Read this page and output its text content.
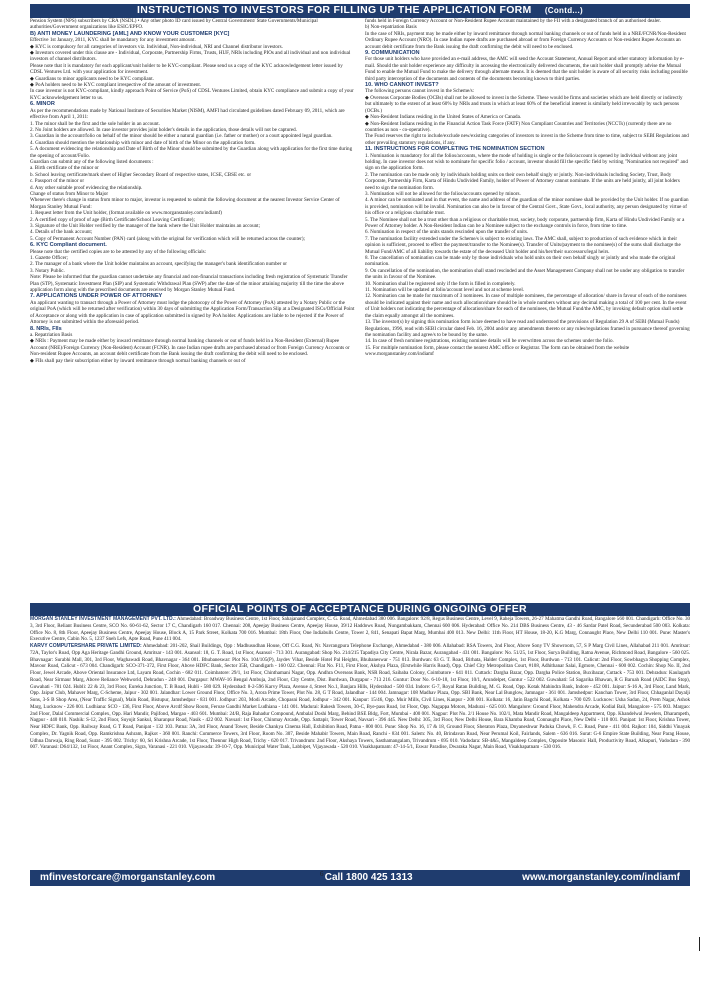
INSTRUCTIONS TO INVESTORS FOR FILLING UP THE APPLICATION FORM (Contd...)
Pension System (NPS) subscribers by CRA (NSDL) • Any other photo ID card issued by Central Government/ State Governments/Municipal authorities/Government organizations like ESIC/EPFO.
B) ANTI MONEY LAUNDERING [AML] AND KNOW YOUR CUSTOMER [KYC]
Effective 1st January, 2011, KYC shall be mandatory for any investment amount.
◆ KYC is compulsory for all categories of investors viz. Individual, Non-individual, NRI and Channel distributor investors.
◆ Investors covered under this clause are - Individual, Corporate, Partnership Firms, Trusts, HUF, NRIs including PIOs and all individual and non individual investors of channel distributors.
Please note that it is mandatory for each applicant/unit holder to be KYC-compliant. Please send us a copy of the KYC acknowledgement letter issued by CDSL Ventures Ltd. with your application for investment.
◆ Guardians to minor applicants need to be KYC compliant.
◆ PoA holders need to be KYC compliant irrespective of the amount of investment.
In case investor is not KYC-compliant, kindly approach Point of Service (PoS) of CDSL Ventures Limited, obtain KYC compliance and submit a copy of your KYC acknowledgement letter to us.
6. MINOR
As per the recommendations made by National Institute of Securities Market (NISM), AMFI had circulated guidelines dated February 09, 2011, which are effective from April 1, 2011:
1. The minor shall be the first and the sole holder in an account.
2. No Joint holders are allowed. In case investor provides joint holder's details in the application, those details will not be captured.
3. Guardian in the account/folio on behalf of the minor should be either a natural guardian (i.e. father or mother) or a court appointed legal guardian.
4. Guardian should mention the relationship with minor and date of birth of the Minor on the application form.
5. A document evidencing the relationship and Date of Birth of the Minor should be submitted by the Guardian along with application for the first time during the opening of account/Folio.
Guardian can submit any of the following listed documents :
a. Birth certificate of the minor or
b. School leaving certificate/mark sheet of Higher Secondary Board of respective states, ICSE, CBSE etc. or
c. Passport of the minor or
d. Any other suitable proof evidencing the relationship.
Change of status from Minor to Major
Whenever there's change in status from minor to major, investor is requested to submit the following document at the nearest Investor Service Center of Morgan Stanley Mutual Fund:
1. Request letter from the Unit holder, (format available on www.morganstanley.com/indiamf)
2. A certified copy of proof of age (Birth Certificate/School Leaving Certificate);
3. Signature of the Unit Holder verified by the manager of the bank where the Unit Holder maintains an account;
4. Details of the bank account;
5. Copy of Permanent Account Number (PAN) card (along with the original for verification which will be returned across the counter);
6. KYC Compliant document.
Please note that the certified copies are to be attested by any of the following officials:
1. Gazette Officer;
2. The manager of a bank where the Unit holder maintains an account, specifying the manager's bank identification number or
3. Notary Public.
Note: Please be informed that the guardian cannot undertake any financial and non-financial transactions including fresh registration of Systematic Transfer Plan (STP), Systematic Investment Plan (SIP) and Systematic Withdrawal Plan (SWP) after the date of the minor attaining majority till the time the above application form along with the prescribed documents are received by Morgan Stanley Mutual Fund.
7. APPLICATIONS UNDER POWER OF ATTORNEY
An applicant wanting to transact through a Power of Attorney must lodge the photocopy of the Power of Attorney (PoA) attested by a Notary Public or the original PoA (which will be returned after verification) within 30 days of submitting the Application Form/Transaction Slip at a Designated ISCs/Official Point of Acceptance or along with the application in case of application submitted in signed by PoA holder. Applications are liable to be rejected if the Power of Attorney is not submitted within the aforesaid period.
8. NRIs, FIIs
a. Repatriation Basis
◆ NRIs : Payment may be made either by inward remittance through normal banking channels or out of funds held in a Non-Resident (External) Rupee Account (NRE)/Foreign Currency (Non-Resident) Account (FCNR). In case Indian rupee drafts are purchased abroad or from Foreign Currency Accounts or Non-resident Rupee Accounts, an account debit certificate from the Bank issuing the draft confirming the debit will need to be enclosed.
◆ FIIs shall pay their subscription either by inward remittance through normal banking channels or out of
funds held in Foreign Currency Account or Non-Resident Rupee Account maintained by the FII with a designated branch of an authorised dealer.
b) Non-repatriation Basis
In the case of NRIs, payment may be made either by inward remittance through normal banking channels or out of funds held in a NRE/FCNR/Non-Resident Ordinary Rupee Account (NRO). In case Indian rupee drafts are purchased abroad or from Foreign Currency Accounts or Non-resident Rupee Accounts an account debit certificate from the Bank issuing the draft confirming the debit will need to be enclosed.
9. COMMUNICATION
For those unit holders who have provided an e-mail address, the AMC will send the Account Statement, Annual Report and other statutory information by e-mail. Should the unit holder experience any difficulty in accessing the electronically delivered documents, the unit holder shall promptly advise the Mutual Fund to enable the Mutual Fund to make the delivery through alternate means. It is deemed that the unit holder is aware of all security risks including possible third party interception of the documents and contents of the documents becoming known to third parties.
10. WHO CANNOT INVEST?
The following persons cannot invest in the Scheme/s:
◆ Overseas Corporate Bodies (OCBs) shall not be allowed to invest in the Scheme. These would be firms and societies which are held directly or indirectly but ultimately to the extent of at least 60% by NRIs and trusts in which at least 60% of the beneficial interest is similarly held irrevocably by such persons (OCBs.)
◆ Non-Resident Indians residing in the United States of America or Canada.
◆ Non-Resident Indians residing in the Financial Action Task Force (FATF) Non Compliant Countries and Territories (NCCTs) (currently there are no countries as non - co-operative).
The Fund reserves the right to include/exclude new/existing categories of investors to invest in the Scheme from time to time, subject to SEBI Regulations and other prevailing statutory regulations, if any.
11. INSTRUCTIONS FOR COMPLETING THE NOMINATION SECTION
1. Nomination is mandatory for all the folios/accounts, where the mode of holding is single or the folio/account is opened by individual without any joint holding. In case investor does not wish to nominate for specific folio / account, investor should fill the specific field by writing "Nomination not required" and sign on the application form.
2. The nomination can be made only by individuals holding units on their own behalf singly or jointly. Non-individuals including Society, Trust, Body Corporate, Partnership Firm, Karta of Hindu Undivided Family, holder of Power of Attorney cannot nominate. If the units are held jointly, all joint holders need to sign the nomination form.
3. Nomination will not be allowed for the folios/accounts opened by minors.
4. A minor can be nominated and in that event, the name and address of the guardian of the minor nominee shall be provided by the Unit holder. If no guardian is provided, nomination will be invalid. Nomination can also be in favour of the Central Govt., State Govt., local authority, any person designated by virtue of his office or a religious charitable trust.
5. The Nominee shall not be a trust other than a religious or charitable trust, society, body corporate, partnership firm, Karta of Hindu Undivided Family or a Power of Attorney holder. A Non-Resident Indian can be a Nominee subject to the exchange controls in force, from time to time.
6. Nomination in respect of the units stands rescinded upon the transfer of units.
7. The nomination facility extended under the Scheme/s is subject to existing laws. The AMC shall, subject to production of such evidence which in their opinion is sufficient, proceed to effect the payment/transfer to the Nominee(s). Transfer of Units/payment to the nominee(s) of the sums shall discharge the Mutual Fund/AMC of all liability towards the estate of the deceased Unit holder and his/her/their successors/legal heirs.
8. The cancellation of nomination can be made only by those individuals who hold units on their own behalf singly or jointly and who made the original nomination.
9. On cancellation of the nomination, the nomination shall stand rescinded and the Asset Management Company shall not be under any obligation to transfer the units in favour of the Nominee.
10. Nomination shall be registered only if the form is filled in completely.
11. Nomination will be updated at folio/account level and not at scheme level.
12. Nomination can be made for maximum of 3 nominees. In case of multiple nominees, the percentage of allocation/ share in favour of each of the nominees should be indicated against their name and such allocation/share should be in whole numbers without any decimal making a total of 100 per cent. In the event of Unit holders not indicating the percentage of allocation/share for each of the nominees, the Mutual Fund/the AMC, by invoking default option shall settle the claim equally amongst all the nominees.
13. The investor(s) by signing this nomination form is/are deemed to have read and understood the provisions of Regulation 29 A of SEBI (Mutual Funds) Regulations, 1996, read with SEBI circular dated Feb. 16, 2004 and/or any amendments thereto or any rules/regulations framed in pursuance thereof governing the nomination facility and agree/s to be bound by the same.
14. In case of fresh nominee registrations, existing nominee details will be overwritten across the schemes under the folio.
15. For multiple nomination form, please contact the nearest AMC office or Registrar. The form can be obtained from the website www.morganstanley.com/indiamf
OFFICIAL POINTS OF ACCEPTANCE DURING ONGOING OFFER
MORGAN STANLEY INVESTMENT MANAGEMENT PVT. LTD.: Ahmedabad: Broadway Business Centre, 1st Floor, Sahajanand Complex, C. G. Road, Ahmedabad 380 006. Bangalore: 92/8, Regus Business Centre, Level 9, Raheja Towers, 26-27 Mahatma Gandhi Road, Bangalore 560 001. Chandigarh: Office No. 30 3, 3rd Floor, Reliant Business Centre, SCO No. 60-61-62, Sector 17 C, Chandigarh 160 017. Chennai: 208, Apeejay Business Centre, Apeejay House, 39/12 Haddows Road, Nungambakkam, Chennai 600 006. Hyderabad: Office No. 214 DBS Business Centre, 43 - 46 Sardar Patel Road, Secunderabad 500 003. Kolkata: Office No. 8, 8th Floor, Apeejay Business Centre, Apeejay House, Block A, 15 Park Street, Kolkata 700 016. Mumbai: 18th Floor, One Indiabulls Centre, Tower 2, 841, Senapati Bapat Marg, Mumbai 400 013. New Delhi: 11th Floor, HT House, 18-20, K.G Marg, Connaught Place, New Delhi 110 001. Pune: Master's Executive Centre, Cabin No. 5, 1237 Sneh Lefs, Apte Road, Pune 411 004.
KARVY COMPUTERSHARE PRIVATE LIMITED: Ahmedabad: 201-202, Shail Buildings, Opp : Madhusudhan House, Off C.G. Road, Nr. Navrangpura Telephone Exchange, Ahmedabad - 380 006. Allahabad: RSA Towers, 2nd Floor, Above Sony TV Showroom, 57, S P Marg Civil Lines, Allahabad 211 001. Amritsar: 72A, Taylor's Road, Opp Aga Heritage Gandhi Ground, Amritsar - 143 001. Asansol: 18, G. T. Road, 1st Floor, Asansol - 713 301. Aurangabad: Shop No. 214/215 Tapadiya City Centre, Nirala Bazar, Aurangabad - 431 001. Bangalore: No. 51/25, 1st Floor, Surya Building, Ratna Avenue, Richmond Road, Bangalore - 560 025. Bhavnagar: Surabhi Mall, 301, 3rd Floor, Waghawadi Road, Bhavnagar - 364 001. Bhubaneswar: Plot No. 104/105(P), Jaydev Vihar, Beside Hotel Pal Heights, Bhubaneswar - 751 013. Burdwan: 63 G. T. Road, Birhata, Halder Complex, 1st Floor, Burdwan - 713 101. Calicut: 2nd Floor, Sowbhagya Shopping Complex, Mavoor Road, Calicut - 673 004. Chandigarh: SCO-371-372, First Floor, Above HDFC Bank, Sector 35B, Chandigarh - 160 022. Chennai: Flat No. F11, First Floor, Akshya Plaza, (Erstwhile Harris Road), Opp. Chief City Metropolitan Court, #108, Adhithanar Salai, Egmore, Chennai - 600 002. Cochin: Shop No. II, 2nd Floor, Jewel Arcade, Above Oriental Insurance Ltd, Layam Road, Cochin - 682 011. Coimbatore: 29/1, 1st Floor, Chinthamani Nagar, Opp. Andhra Overseas Bank, NSR Road, Saibaba Colony, Coimbatore - 641 011. Cuttack: Dargha Bazar, Opp. Dargha Police Station, Buxibazar, Cuttack - 753 001. Dehradun: Kaulagarh Road, Near Sirmaur Marg, Above Reliance Webworld, Dehradun - 248 001. Durgapur: MWAV-16 Bengal Ambuja, 2nd Floor, City Centre, Dist. Burdwan, Durgapur - 713 216. Guntur: Door No. 6-10-18, 1st Floor, 10/1, Arundelpet, Guntur - 522 002. Guwahati: 54 Sagarika Bhawan, R G Baruah Road (AIDC Bus Stop), Guwahati - 781 024. Hubli: 22 & 23, 3rd Floor, Eureka Junction, T. B Road, Hubli - 580 029. Hyderabad: 8-2-596 Karvy Plaza, Avenue 4, Street No.1, Banjara Hills, Hyderabad - 500 034. Indore: G-7, Royal Ratan Building, M. G. Road, Opp. Kotak Mahindra Bank, Indore - 452 001. Jaipur: S-16 A, 3rd Floor, Land Mark, Opp. Jaipur Club, Mahaver Marg, C-Scheme, Jaipur - 302 001. Jalandhar: Lower Ground Floor, Office No. 3, Arora Prime Tower, Plot No. 28, G T Road, Jalandhar - 144 004. Jamnagar: 108 Madhav Plaza, Opp. SBI Bank, Near Lal Bunglow, Jamnagar - 361 001. Jamshedpur: Kanchan Tower, 3rd Floor, Chhaganlal Dayalji Sons, 3-S B Shop Area, (Near Traffic Signal), Main Road, Bistupur, Jamshedpur - 831 001. Jodhpur: 203, Modi Arcade, Chopasni Road, Jodhpur - 342 001. Kanpur: 15/46, Opp. Muir Mills, Civil Lines, Kanpur - 208 001. Kolkata: 16, Jatin Bagchi Road, Kolkata - 700 029. Lucknow: Usha Sadan, 24, Prem Nagar, Ashok Marg, Lucknow - 226 001. Ludhiana: SCO - 136, First Floor, Above Arcdf Show Room, Feroze Gandhi Market Ludhiana - 141 001. Madurai: Rakesh Towers, 30-C, Bye-pass Road, 1st Floor, Opp. Nagappa Motors, Madurai - 625 010. Mangalore: Ground Floor, Mahendra Arcade, Kodial Bail, Mangalore - 575 003. Margao: 2nd Floor, Dalal Commercial Complex, Opp. Hari Mandir, Pajifond, Margao - 403 601. Mumbai: 24/B, Raja Bahadur Compound, Ambalal Doshi Marg, Behind BSE Bldg, Fort, Mumbai - 400 001. Nagpur: Plot No. 2/1 House No. 102/1, Mata Mandir Road, Mangaldeep Appartment, Opp. Khandelwal Jewelers, Dharampeth, Nagpur - 440 010. Nashik: S-12, 2nd Floor, Suyojit Sankul, Sharanpur Road, Nasik - 422 002. Navsari: 1st Floor, Chinmay Arcade, Opp. Sattapir, Tower Road, Navsari - 396 445. New Delhi: 305, 3rd Floor, New Delhi House, Bara Khamba Road, Connaught Place, New Delhi - 110 001. Panipat: 1st Floor, Krishna Tower, Near HDFC Bank, Opp. Railway Road, G T Road, Panipat - 132 103. Patna: 3A, 3rd Floor, Anand Tower, Beside Chankya Cinema Hall, Exhibition Road, Patna - 800 001. Pune: Shop No. 16, 17 & 18, Ground Floor, Sheraton Plaza, Dnyaneshwar Paduka Chowk, F. C. Road, Pune - 411 004. Rajkot: 104, Siddhi Vinayak Complex, Dr. Yagnik Road, Opp. Ramkrishna Ashram, Rajkot - 360 001. Ranchi: Commerce Towers, 3rd Floor, Room No. 307, Beside Mahabir Towers, Main Road, Ranchi - 834 001. Salem: No. 40, Brindavan Road, Near Perumal Koil, Fairlands, Salem - 636 016. Surat: G-6 Empire State Building, Near Parag House, Udhna Darwaja, Ring Road, Surat - 395 002. Trichy: 60, Sri Krishna Arcade, 1st Floor, Thennur High Road, Trichy - 620 017. Trivandrum: 2nd Floor, Akshaya Towers, Sasthamangalam, Trivandrum - 695 010. Vadodara: SB-4&5, Mangaldeep Complex, Opposite Masonic Hall, Productivity Road, Alkapuri, Vadodara - 390 007. Varanasi: D64/132, 1st Floor, Anant Complex, Sigra, Varanasi - 221 010. Vijayawada: 39-10-7, Opp. Municipal Water Tank, Labbipet, Vijayawada - 520 010. Visakhapatnam: 47-14-5/1, Eswar Paradise, Dwaraka Nagar, Main Road, Visakhapatnam - 530 016.
mfinvestorcare@morganstanley.com	Call 1800 425 1313	www.morganstanley.com/indiamf
6
